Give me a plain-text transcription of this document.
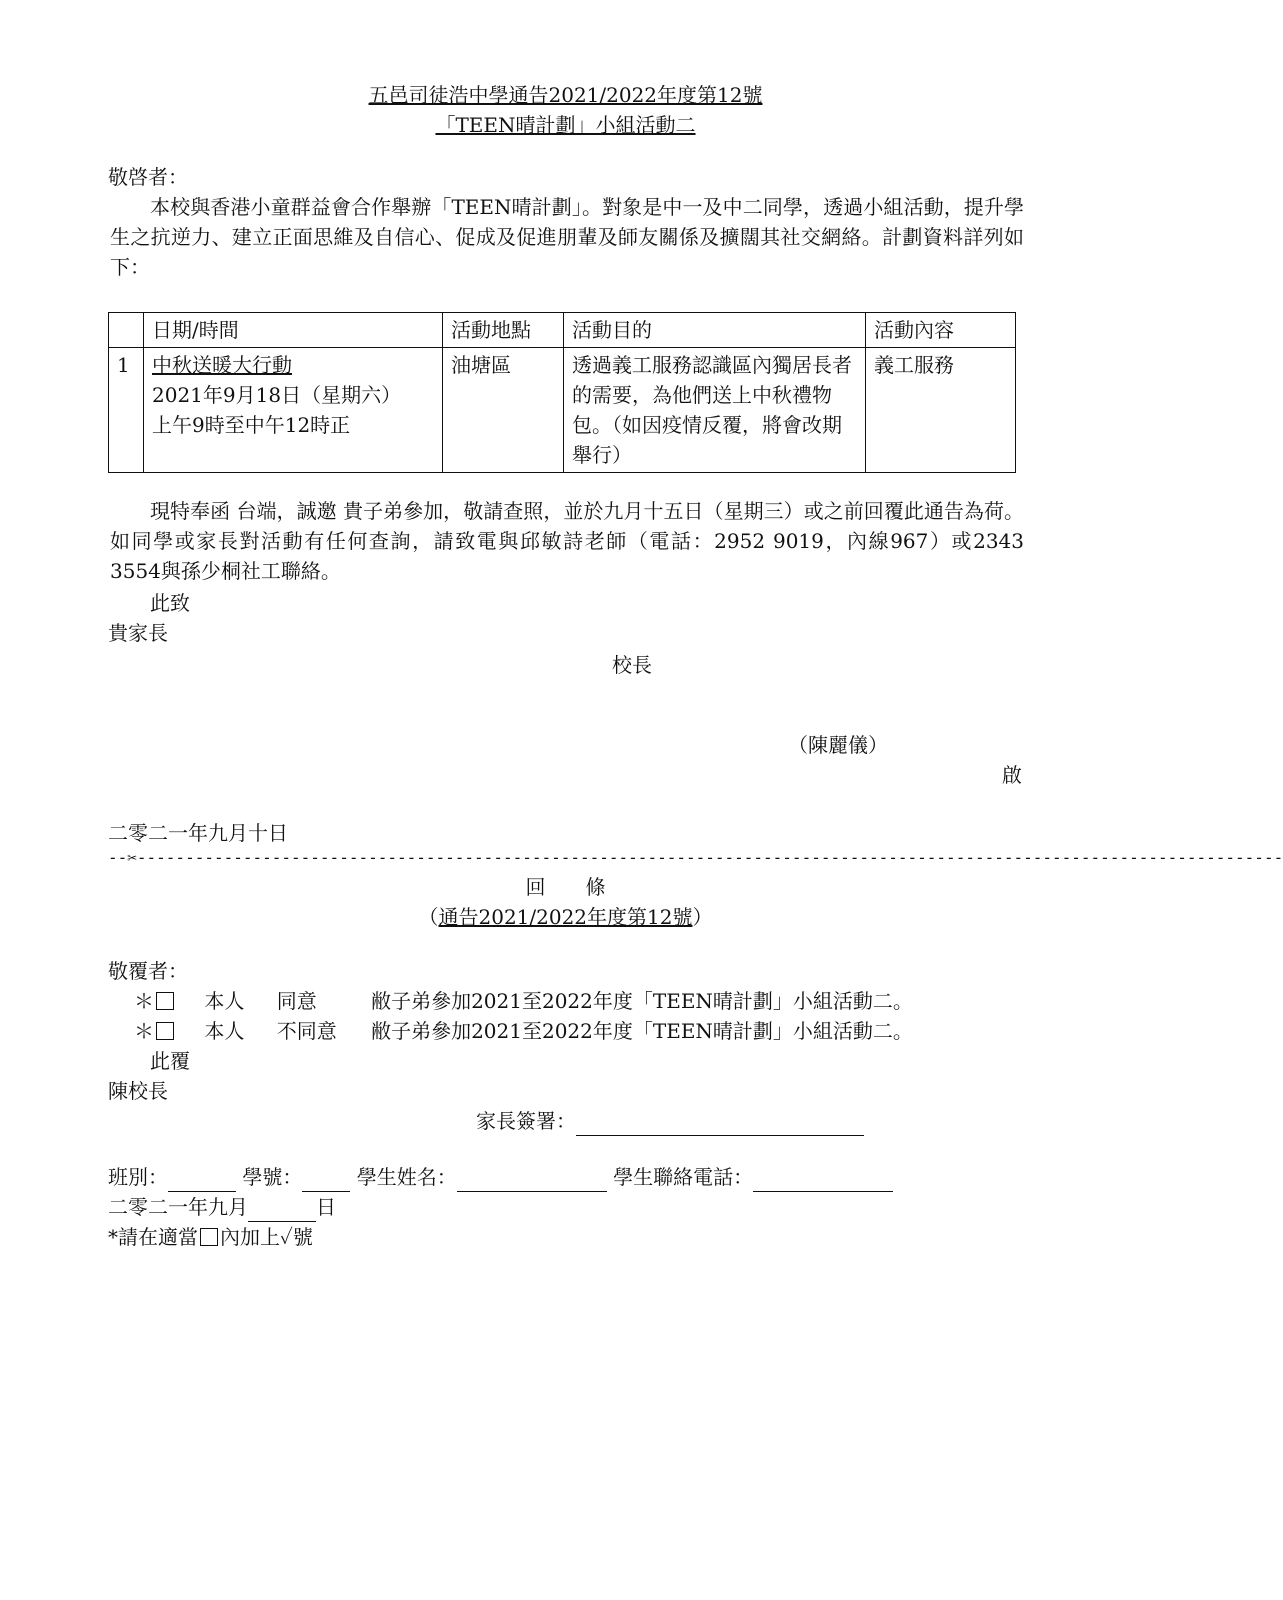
五邑司徒浩中學通告2021/2022年度第12號
「TEEN晴計劃」小組活動二
敬啓者：
本校與香港小童群益會合作舉辦「TEEN晴計劃」。對象是中一及中二同學，透過小組活動，提升學生之抗逆力、建立正面思維及自信心、促成及促進朋輩及師友關係及擴闊其社交網絡。計劃資料詳列如下：
	日期/時間	活動地點	活動目的	活動內容
1	中秋送暖大行動
2021年9月18日（星期六）
上午9時至中午12時正	油塘區	透過義工服務認識區內獨居長者的需要，為他們送上中秋禮物包。（如因疫情反覆，將會改期舉行）	義工服務
現特奉函 台端，誠邀 貴子弟參加，敬請查照，並於九月十五日（星期三）或之前回覆此通告為荷。如同學或家長對活動有任何查詢，請致電與邱敏詩老師（電話：2952 9019，內線967）或2343 3554與孫少桐社工聯絡。
此致
貴家長
校長
（陳麗儀）
啟
二零二一年九月十日
--✂-----------------------------------------------------------------------------------------------------------------------
回　　條
（通告2021/2022年度第12號）
敬覆者：
＊	本人 同意	敝子弟參加2021至2022年度「TEEN晴計劃」小組活動二。
＊	本人 不同意 敝子弟參加2021至2022年度「TEEN晴計劃」小組活動二。
此覆
陳校長
家長簽署：
班別：	學號：	學生姓名：	學生聯絡電話：
二零二一年九月	日
*請在適當 內加上✓號
